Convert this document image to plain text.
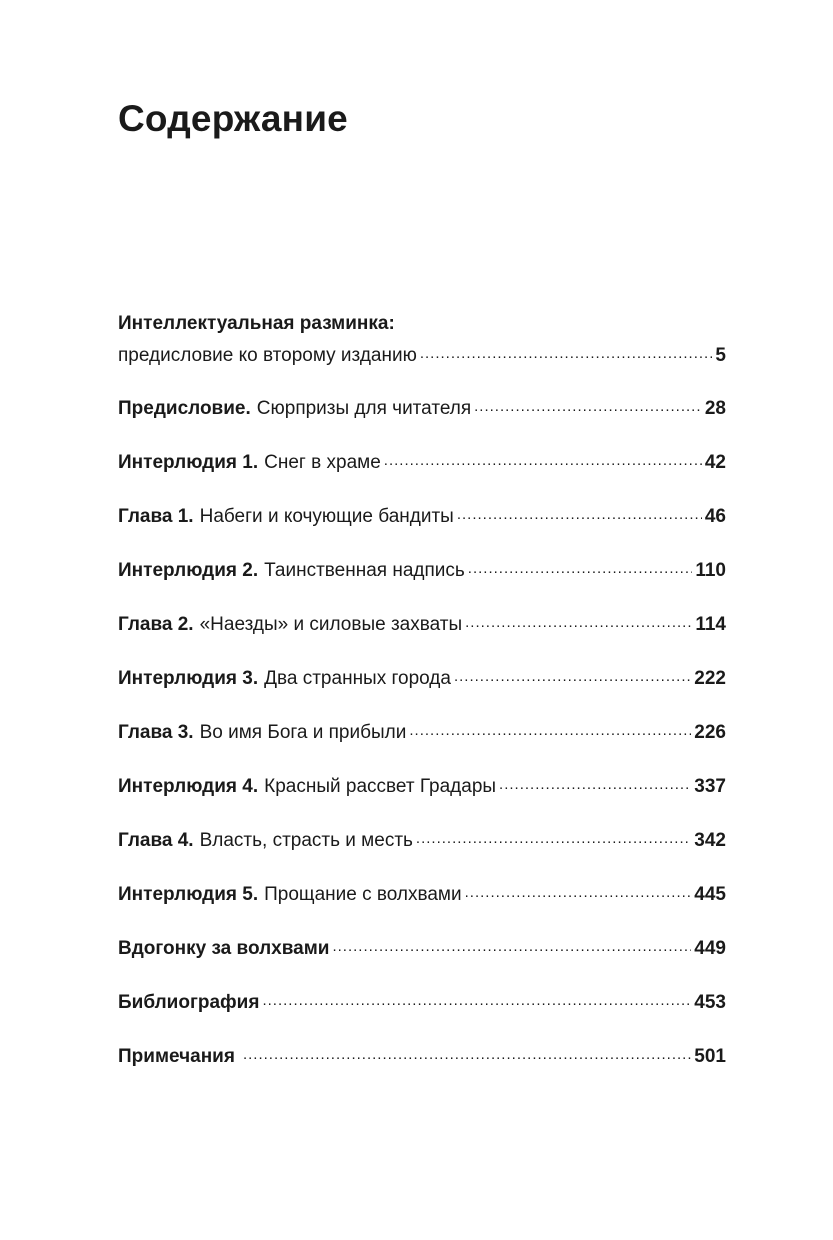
Содержание
Интеллектуальная разминка:
предисловие ко второму изданию .....	5
Предисловие. Сюрпризы для читателя .....	28
Интерлюдия 1. Снег в храме .....	42
Глава 1. Набеги и кочующие бандиты .....	46
Интерлюдия 2. Таинственная надпись .....	110
Глава 2. «Наезды» и силовые захваты .....	114
Интерлюдия 3. Два странных города .....	222
Глава 3. Во имя Бога и прибыли .....	226
Интерлюдия 4. Красный рассвет Градары .....	337
Глава 4. Власть, страсть и месть .....	342
Интерлюдия 5. Прощание с волхвами .....	445
Вдогонку за волхвами .....	449
Библиография .....	453
Примечания .....	501
